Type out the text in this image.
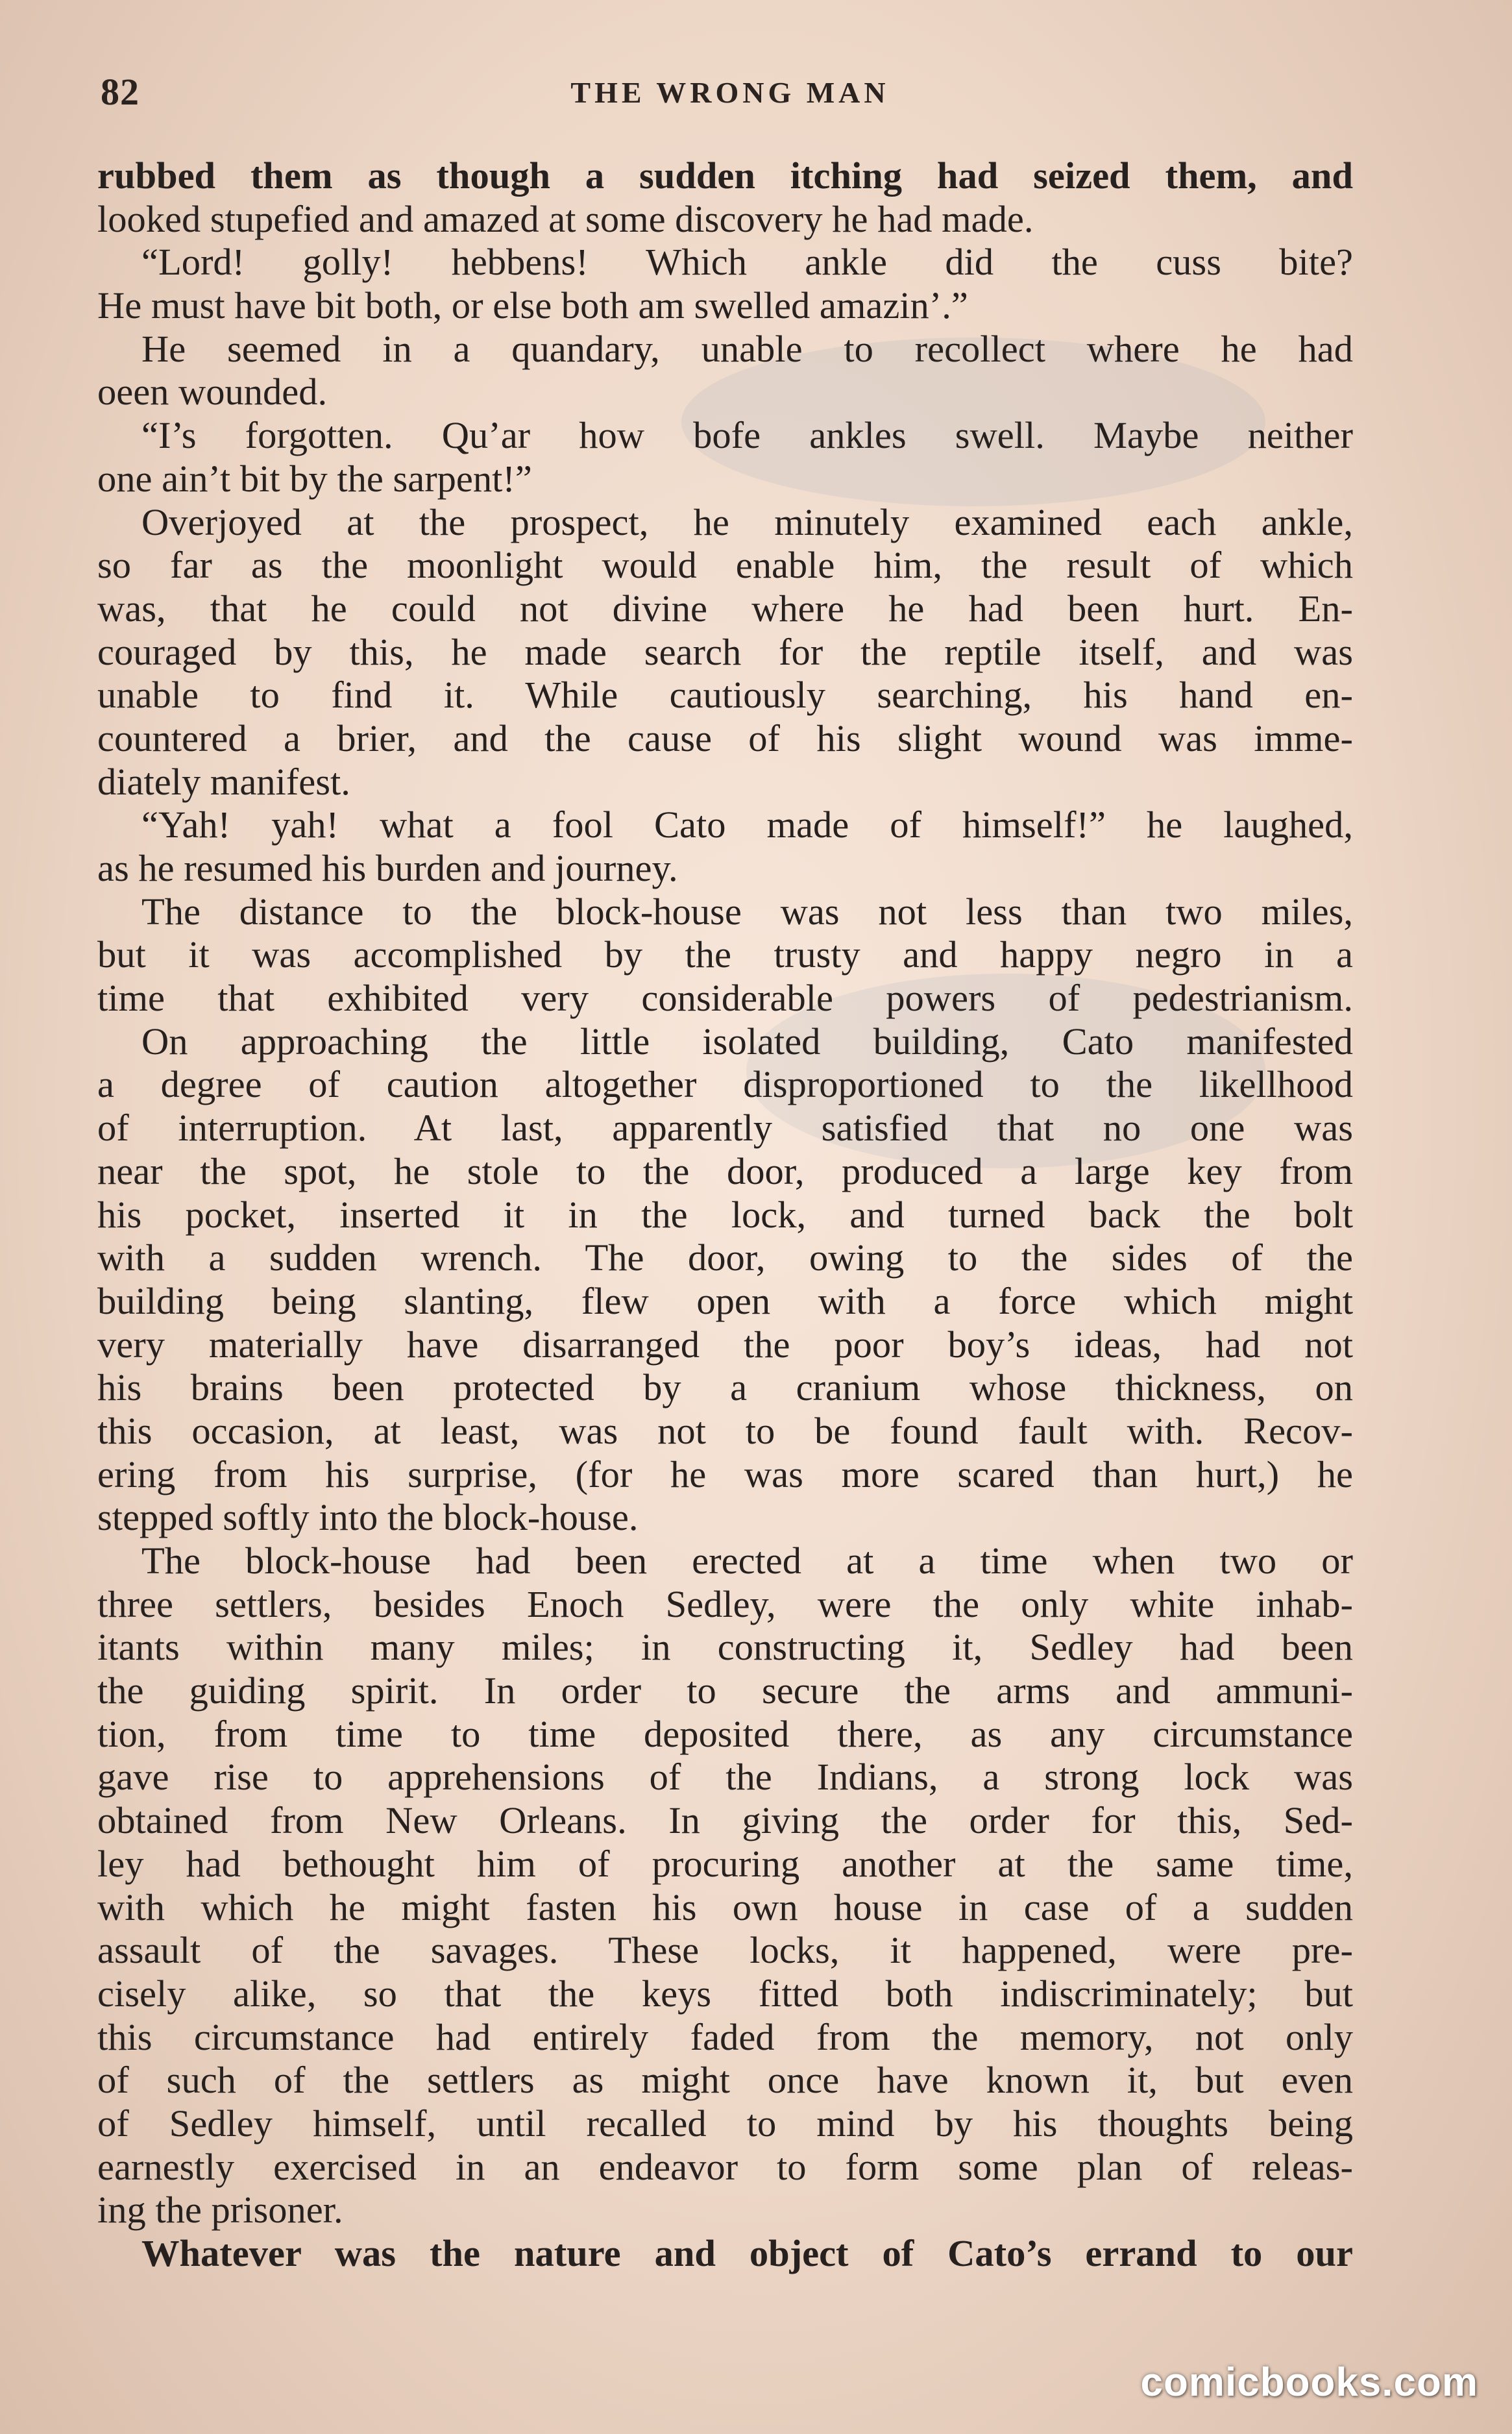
82	THE WRONG MAN
rubbed them as though a sudden itching had seized them, and
looked stupefied and amazed at some discovery he had made.
“Lord! golly! hebbens! Which ankle did the cuss bite?
He must have bit both, or else both am swelled amazin’.”
He seemed in a quandary, unable to recollect where he had
oeen wounded.
“I’s forgotten. Qu’ar how bofe ankles swell. Maybe neither
one ain’t bit by the sarpent!”
Overjoyed at the prospect, he minutely examined each ankle,
so far as the moonlight would enable him, the result of which
was, that he could not divine where he had been hurt. En-
couraged by this, he made search for the reptile itself, and was
unable to find it. While cautiously searching, his hand en-
countered a brier, and the cause of his slight wound was imme-
diately manifest.
“Yah! yah! what a fool Cato made of himself!” he laughed,
as he resumed his burden and journey.
The distance to the block-house was not less than two miles,
but it was accomplished by the trusty and happy negro in a
time that exhibited very considerable powers of pedestrianism.
On approaching the little isolated building, Cato manifested
a degree of caution altogether disproportioned to the likellhood
of interruption. At last, apparently satisfied that no one was
near the spot, he stole to the door, produced a large key from
his pocket, inserted it in the lock, and turned back the bolt
with a sudden wrench. The door, owing to the sides of the
building being slanting, flew open with a force which might
very materially have disarranged the poor boy’s ideas, had not
his brains been protected by a cranium whose thickness, on
this occasion, at least, was not to be found fault with. Recov-
ering from his surprise, (for he was more scared than hurt,) he
stepped softly into the block-house.
The block-house had been erected at a time when two or
three settlers, besides Enoch Sedley, were the only white inhab-
itants within many miles; in constructing it, Sedley had been
the guiding spirit. In order to secure the arms and ammuni-
tion, from time to time deposited there, as any circumstance
gave rise to apprehensions of the Indians, a strong lock was
obtained from New Orleans. In giving the order for this, Sed-
ley had bethought him of procuring another at the same time,
with which he might fasten his own house in case of a sudden
assault of the savages. These locks, it happened, were pre-
cisely alike, so that the keys fitted both indiscriminately; but
this circumstance had entirely faded from the memory, not only
of such of the settlers as might once have known it, but even
of Sedley himself, until recalled to mind by his thoughts being
earnestly exercised in an endeavor to form some plan of releas-
ing the prisoner.
Whatever was the nature and object of Cato’s errand to our
comicbooks.com
